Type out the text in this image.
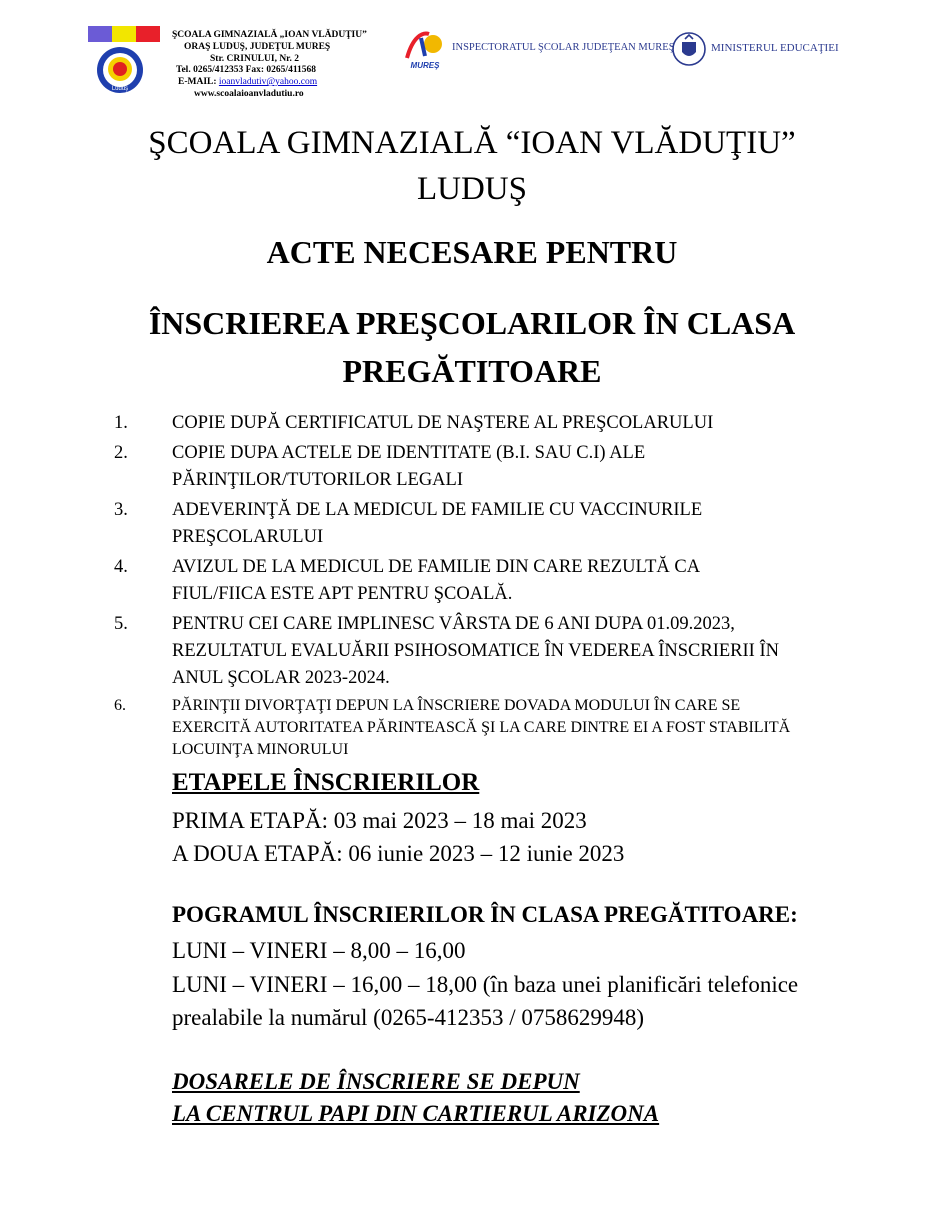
Luduş
ŞCOALA GIMNAZIALĂ „IOAN VLĂDUŢIU”
ORAŞ LUDUŞ, JUDEŢUL MUREŞ
Str. CRINULUI, Nr. 2
Tel. 0265/412353 Fax: 0265/411568
E-MAIL: ioanvladutiv@yahoo.com
www.scoalaioanvladutiu.ro
MUREŞ
INSPECTORATUL ŞCOLAR JUDEŢEAN MUREŞ	MINISTERUL EDUCAŢIEI
ŞCOALA GIMNAZIALĂ “IOAN VLĂDUŢIU”
LUDUŞ
ACTE NECESARE PENTRU
ÎNSCRIEREA PREŞCOLARILOR ÎN CLASA
PREGĂTITOARE
1. COPIE DUPĂ CERTIFICATUL DE NAŞTERE AL PREŞCOLARULUI
2. COPIE DUPA ACTELE DE IDENTITATE (B.I. SAU C.I) ALE
PĂRINŢILOR/TUTORILOR LEGALI
3. ADEVERINŢĂ DE LA MEDICUL DE FAMILIE CU VACCINURILE
PREŞCOLARULUI
4. AVIZUL DE LA MEDICUL DE FAMILIE DIN CARE REZULTĂ CA
FIUL/FIICA ESTE APT PENTRU ŞCOALĂ.
5. PENTRU CEI CARE IMPLINESC VÂRSTA DE 6 ANI DUPA 01.09.2023,
REZULTATUL EVALUĂRII PSIHOSOMATICE ÎN VEDEREA ÎNSCRIERII ÎN
ANUL ŞCOLAR 2023-2024.
6.	PĂRINŢII DIVORŢAŢI DEPUN LA ÎNSCRIERE DOVADA MODULUI ÎN CARE SE
EXERCITĂ AUTORITATEA PĂRINTEASCĂ ŞI LA CARE DINTRE EI A FOST STABILITĂ
LOCUINŢA MINORULUI
ETAPELE ÎNSCRIERILOR
PRIMA ETAPĂ: 03 mai 2023 – 18 mai 2023
A DOUA ETAPĂ: 06 iunie 2023 – 12 iunie 2023
POGRAMUL ÎNSCRIERILOR ÎN CLASA PREGĂTITOARE:
LUNI – VINERI – 8,00 – 16,00
LUNI – VINERI – 16,00 – 18,00 (în baza unei planificări telefonice
prealabile la numărul (0265-412353 / 0758629948)
DOSARELE DE ÎNSCRIERE SE DEPUN
LA CENTRUL PAPI DIN CARTIERUL ARIZONA
